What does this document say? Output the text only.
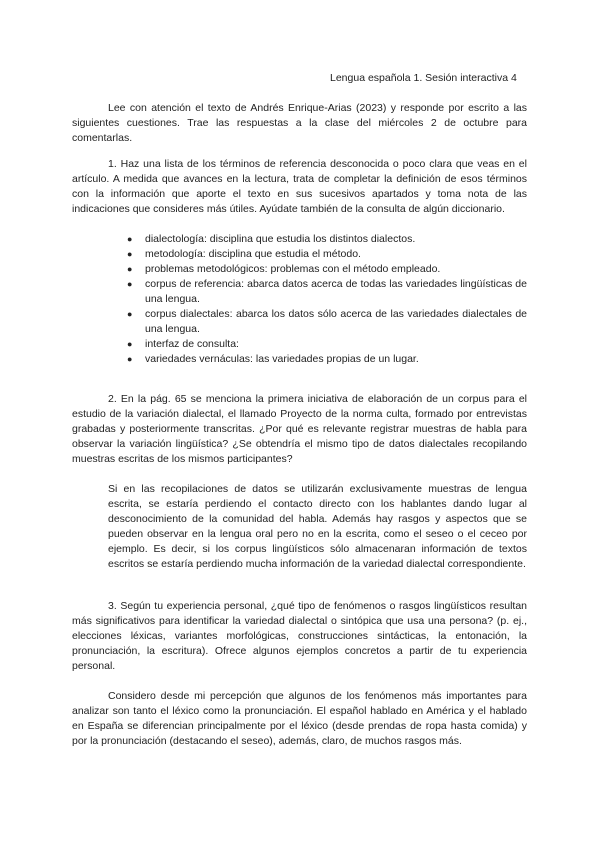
Lengua española 1. Sesión interactiva 4

Lee con atención el texto de Andrés Enrique-Arias (2023) y responde por escrito a las siguientes cuestiones. Trae las respuestas a la clase del miércoles 2 de octubre para comentarlas.

1. Haz una lista de los términos de referencia desconocida o poco clara que veas en el artículo. A medida que avances en la lectura, trata de completar la definición de esos términos con la información que aporte el texto en sus sucesivos apartados y toma nota de las indicaciones que consideres más útiles. Ayúdate también de la consulta de algún diccionario.

● dialectología: disciplina que estudia los distintos dialectos.
● metodología: disciplina que estudia el método.
● problemas metodológicos: problemas con el método empleado.
● corpus de referencia: abarca datos acerca de todas las variedades lingüísticas de una lengua.
● corpus dialectales: abarca los datos sólo acerca de las variedades dialectales de una lengua.
● interfaz de consulta:
● variedades vernáculas: las variedades propias de un lugar.

2. En la pág. 65 se menciona la primera iniciativa de elaboración de un corpus para el estudio de la variación dialectal, el llamado Proyecto de la norma culta, formado por entrevistas grabadas y posteriormente transcritas. ¿Por qué es relevante registrar muestras de habla para observar la variación lingüística? ¿Se obtendría el mismo tipo de datos dialectales recopilando muestras escritas de los mismos participantes?

Si en las recopilaciones de datos se utilizarán exclusivamente muestras de lengua escrita, se estaría perdiendo el contacto directo con los hablantes dando lugar al desconocimiento de la comunidad del habla. Además hay rasgos y aspectos que se pueden observar en la lengua oral pero no en la escrita, como el seseo o el ceceo por ejemplo. Es decir, si los corpus lingüísticos sólo almacenaran información de textos escritos se estaría perdiendo mucha información de la variedad dialectal correspondiente.

3. Según tu experiencia personal, ¿qué tipo de fenómenos o rasgos lingüísticos resultan más significativos para identificar la variedad dialectal o sintópica que usa una persona? (p. ej., elecciones léxicas, variantes morfológicas, construcciones sintácticas, la entonación, la pronunciación, la escritura). Ofrece algunos ejemplos concretos a partir de tu experiencia personal.

Considero desde mi percepción que algunos de los fenómenos más importantes para analizar son tanto el léxico como la pronunciación. El español hablado en América y el hablado en España se diferencian principalmente por el léxico (desde prendas de ropa hasta comida) y por la pronunciación (destacando el seseo), además, claro, de muchos rasgos más.
